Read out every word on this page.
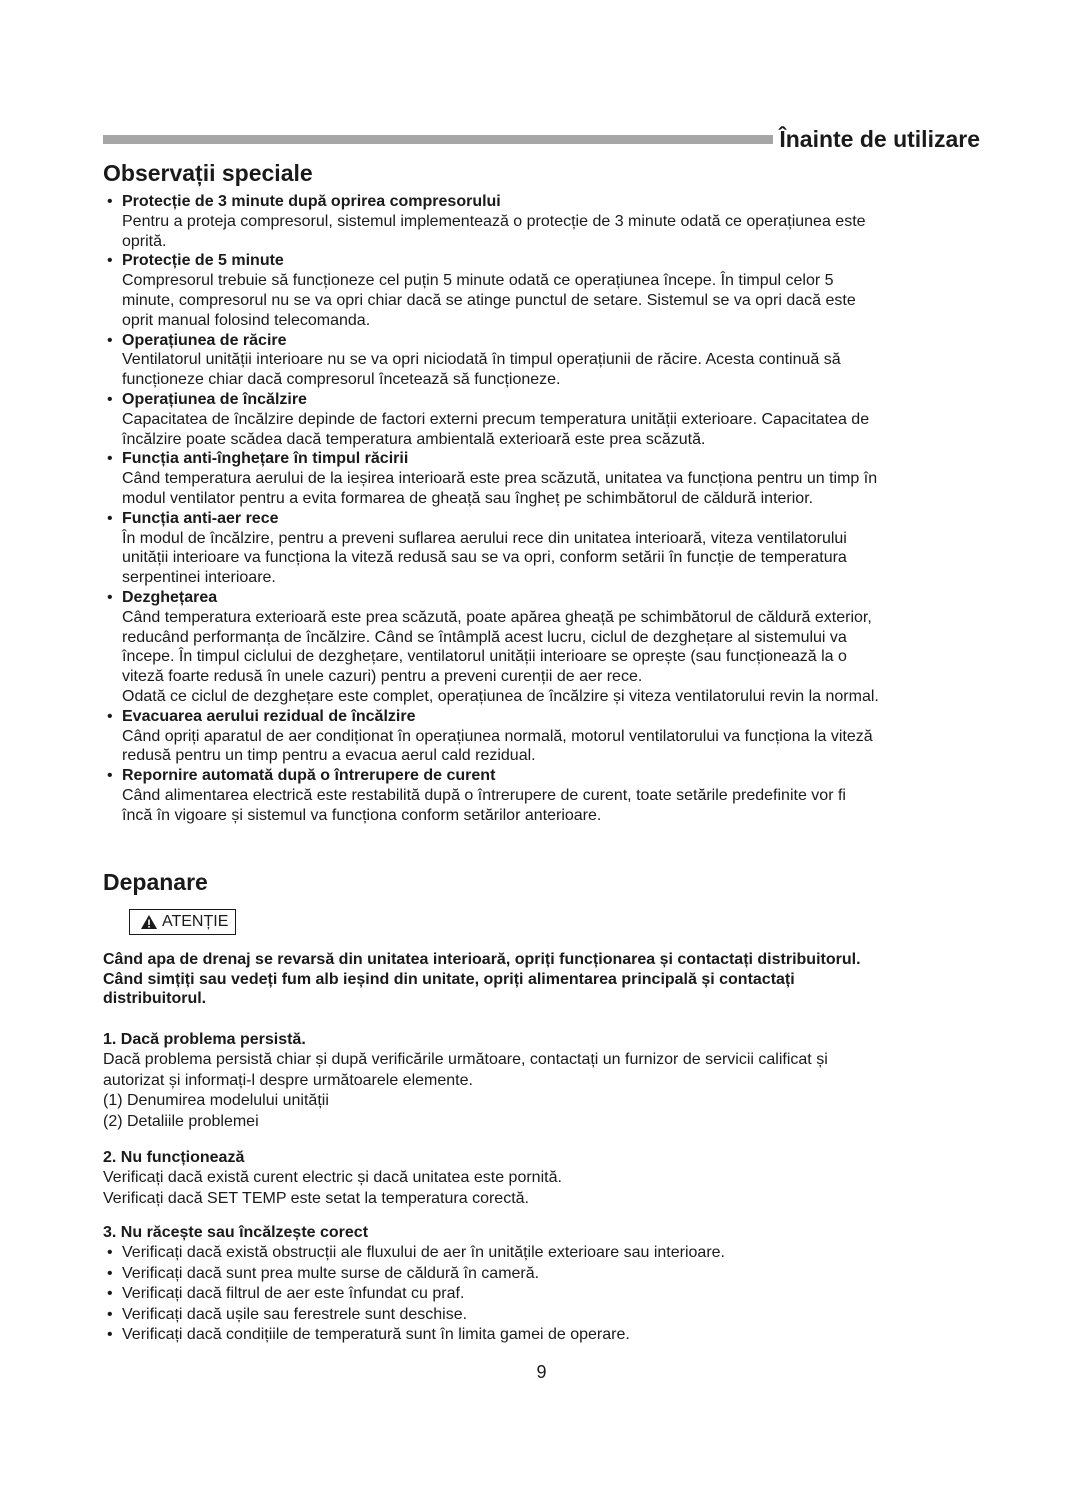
Înainte de utilizare
Observații speciale
• Protecție de 3 minute după oprirea compresorului
Pentru a proteja compresorul, sistemul implementează o protecție de 3 minute odată ce operațiunea este
oprită.
• Protecție de 5 minute
Compresorul trebuie să funcționeze cel puțin 5 minute odată ce operațiunea începe. În timpul celor 5
minute, compresorul nu se va opri chiar dacă se atinge punctul de setare. Sistemul se va opri dacă este
oprit manual folosind telecomanda.
• Operațiunea de răcire
Ventilatorul unității interioare nu se va opri niciodată în timpul operațiunii de răcire. Acesta continuă să
funcționeze chiar dacă compresorul încetează să funcționeze.
• Operațiunea de încălzire
Capacitatea de încălzire depinde de factori externi precum temperatura unității exterioare. Capacitatea de
încălzire poate scădea dacă temperatura ambientală exterioară este prea scăzută.
• Funcția anti-înghețare în timpul răcirii
Când temperatura aerului de la ieșirea interioară este prea scăzută, unitatea va funcționa pentru un timp în
modul ventilator pentru a evita formarea de gheață sau îngheț pe schimbătorul de căldură interior.
• Funcția anti-aer rece
În modul de încălzire, pentru a preveni suflarea aerului rece din unitatea interioară, viteza ventilatorului
unității interioare va funcționa la viteză redusă sau se va opri, conform setării în funcție de temperatura
serpentinei interioare.
• Dezghețarea
Când temperatura exterioară este prea scăzută, poate apărea gheață pe schimbătorul de căldură exterior,
reducând performanța de încălzire. Când se întâmplă acest lucru, ciclul de dezghețare al sistemului va
începe. În timpul ciclului de dezghețare, ventilatorul unității interioare se oprește (sau funcționează la o
viteză foarte redusă în unele cazuri) pentru a preveni curenții de aer rece.
Odată ce ciclul de dezghețare este complet, operațiunea de încălzire și viteza ventilatorului revin la normal.
• Evacuarea aerului rezidual de încălzire
Când opriți aparatul de aer condiționat în operațiunea normală, motorul ventilatorului va funcționa la viteză
redusă pentru un timp pentru a evacua aerul cald rezidual.
• Repornire automată după o întrerupere de curent
Când alimentarea electrică este restabilită după o întrerupere de curent, toate setările predefinite vor fi
încă în vigoare și sistemul va funcționa conform setărilor anterioare.
Depanare
ATENȚIE

Când apa de drenaj se revarsă din unitatea interioară, opriți funcționarea și contactați distribuitorul.
Când simțiți sau vedeți fum alb ieșind din unitate, opriți alimentarea principală și contactați
distribuitorul.

1. Dacă problema persistă.

Dacă problema persistă chiar și după verificările următoare, contactați un furnizor de servicii calificat și

autorizat și informați-l despre următoarele elemente.

(1) Denumirea modelului unității

(2) Detaliile problemei

2. Nu funcționează

Verificați dacă există curent electric și dacă unitatea este pornită.

Verificați dacă SET TEMP este setat la temperatura corectă.

3. Nu răcește sau încălzește corect
• Verificați dacă există obstrucții ale fluxului de aer în unitățile exterioare sau interioare.
• Verificați dacă sunt prea multe surse de căldură în cameră.
• Verificați dacă filtrul de aer este înfundat cu praf.
• Verificați dacă ușile sau ferestrele sunt deschise.
• Verificați dacă condițiile de temperatură sunt în limita gamei de operare.
9
